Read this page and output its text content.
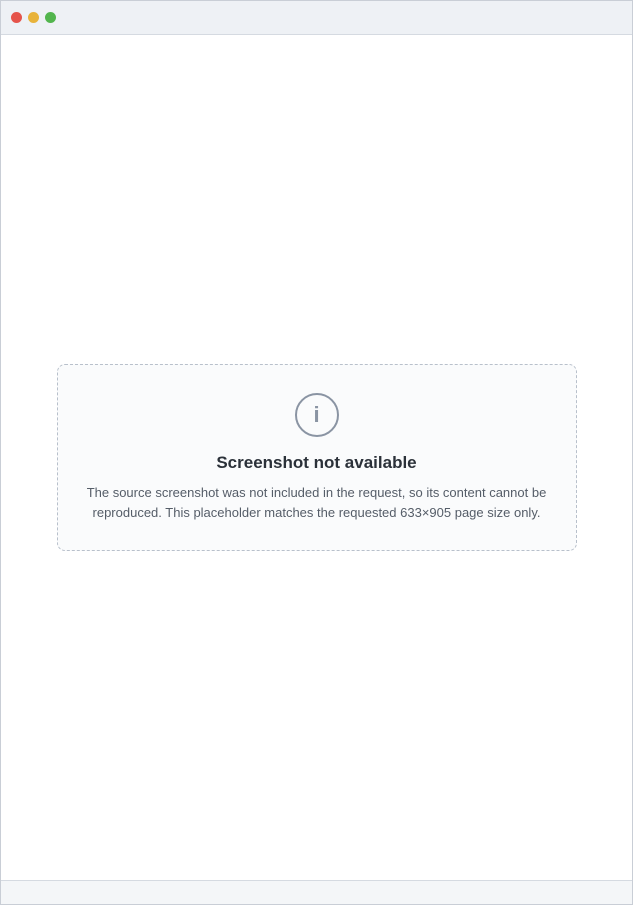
i
Screenshot not available
The source screenshot was not included in the request, so its content cannot be reproduced. This placeholder matches the requested 633×905 page size only.
